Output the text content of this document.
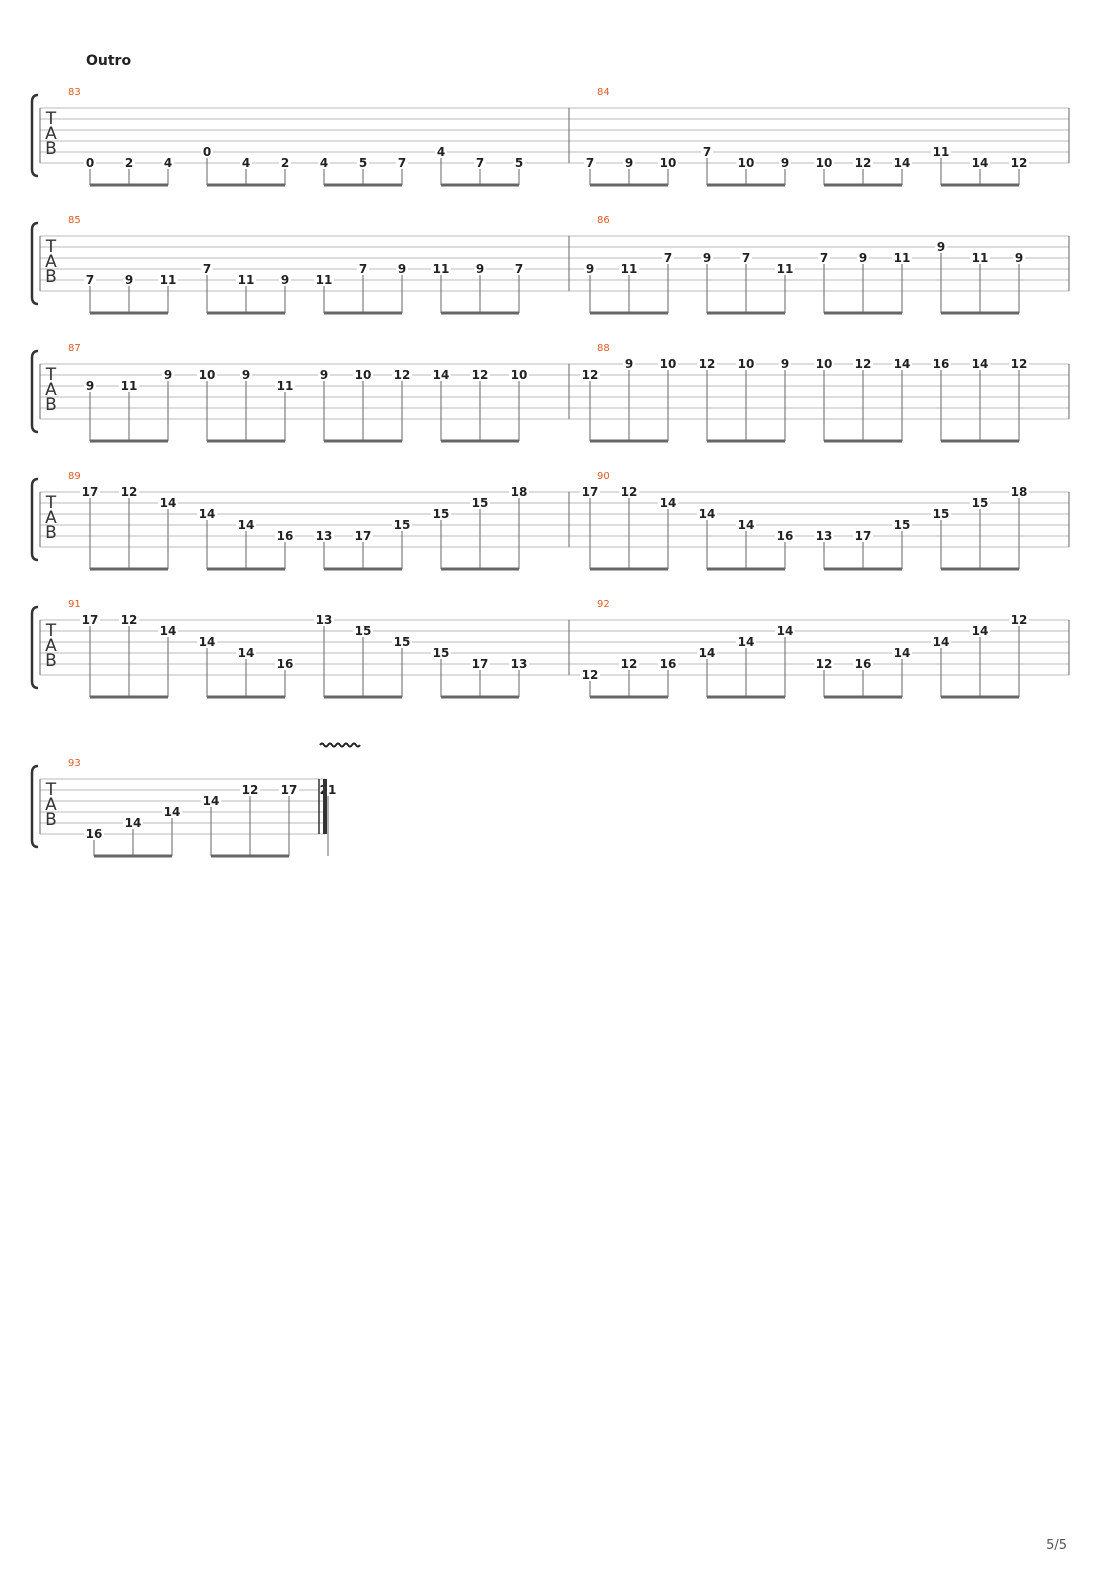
Outro
T
A
B
83
0	2	4
0
4	2	4	5	7
4
7	5
84
7	9 10
7
10 9 10 12 14
11
14 12
T
A
B
85
7	9 11
7
11 9 11
7	9 11 9	7
86
9 11
7	9	7
11
7	9 11
9
11 9
T
A
B
87
9 11
9 10 9
11
9 10 12 14 12 10
88
12
9 10 12 10 9 10 12 14 16 14 12
T
A
B
89
17 12
14
14
14
16 13 17
15
15
15
18
90
17 12
14
14
14
16 13 17
15
15
15
18
T
A
B
91
17 12
14
14
14
16
13
15
15
15
17 13
92
12
12 16
14
14
14
12 16
14
14
14
12
T
A
B
93
16
14
14
14
12 17 21
5/5
